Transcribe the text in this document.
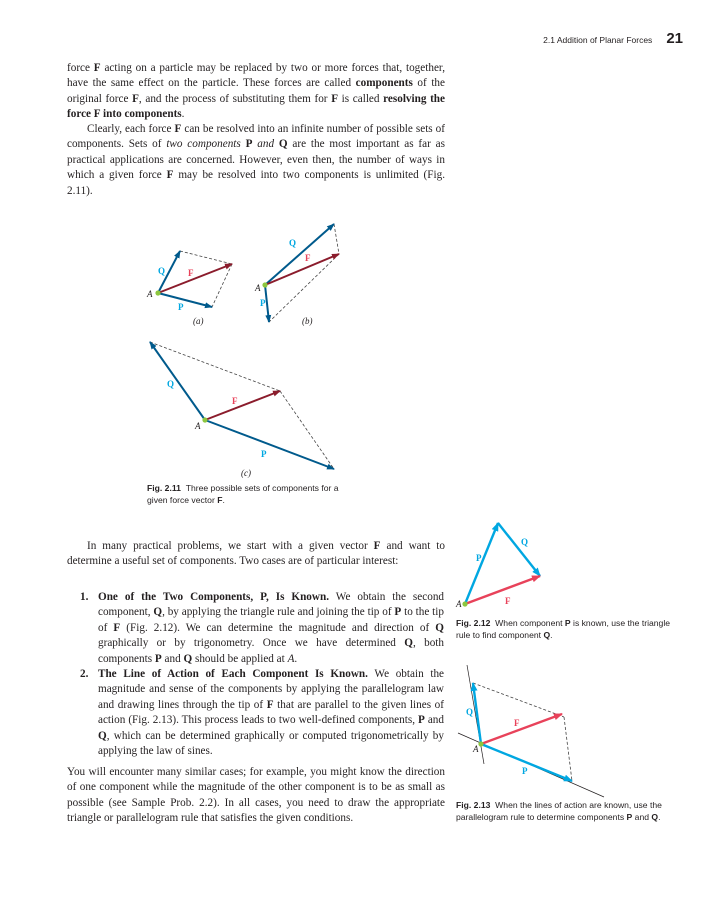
2.1 Addition of Planar Forces 21

force F acting on a particle may be replaced by two or more forces that, together, have the same effect on the particle. These forces are called components of the original force F, and the process of substituting them for F is called resolving the force F into components.

Clearly, each force F can be resolved into an infinite number of possible sets of components. Sets of two components P and Q are the most important as far as practical applications are concerned. However, even then, the number of ways in which a given force F may be resolved into two components is unlimited (Fig. 2.11).

A
Q	F
P
(a)
A
Q
F
P
(b)
A
Q
F
P
(c)
A
P
Q
F
A
Q
F
P
Fig. 2.11 Three possible sets of components for a given force vector F.

In many practical problems, we start with a given vector F and want to determine a useful set of components. Two cases are of particular interest:

1. One of the Two Components, P, Is Known. We obtain the second component, Q, by applying the triangle rule and joining the tip of P to the tip of F (Fig. 2.12). We can determine the magnitude and direction of Q graphically or by trigonometry. Once we have determined Q, both components P and Q should be applied at A.
2. The Line of Action of Each Component Is Known. We obtain the magnitude and sense of the components by applying the parallelogram law and drawing lines through the tip of F that are parallel to the given lines of action (Fig. 2.13). This process leads to two well-defined components, P and Q, which can be determined graphically or computed trigonometrically by applying the law of sines.

You will encounter many similar cases; for example, you might know the direction of one component while the magnitude of the other component is to be as small as possible (see Sample Prob. 2.2). In all cases, you need to draw the appropriate triangle or parallelogram rule that satisfies the given conditions.

Fig. 2.12 When component P is known, use the triangle rule to find component Q.
Fig. 2.13 When the lines of action are known, use the parallelogram rule to determine components P and Q.
